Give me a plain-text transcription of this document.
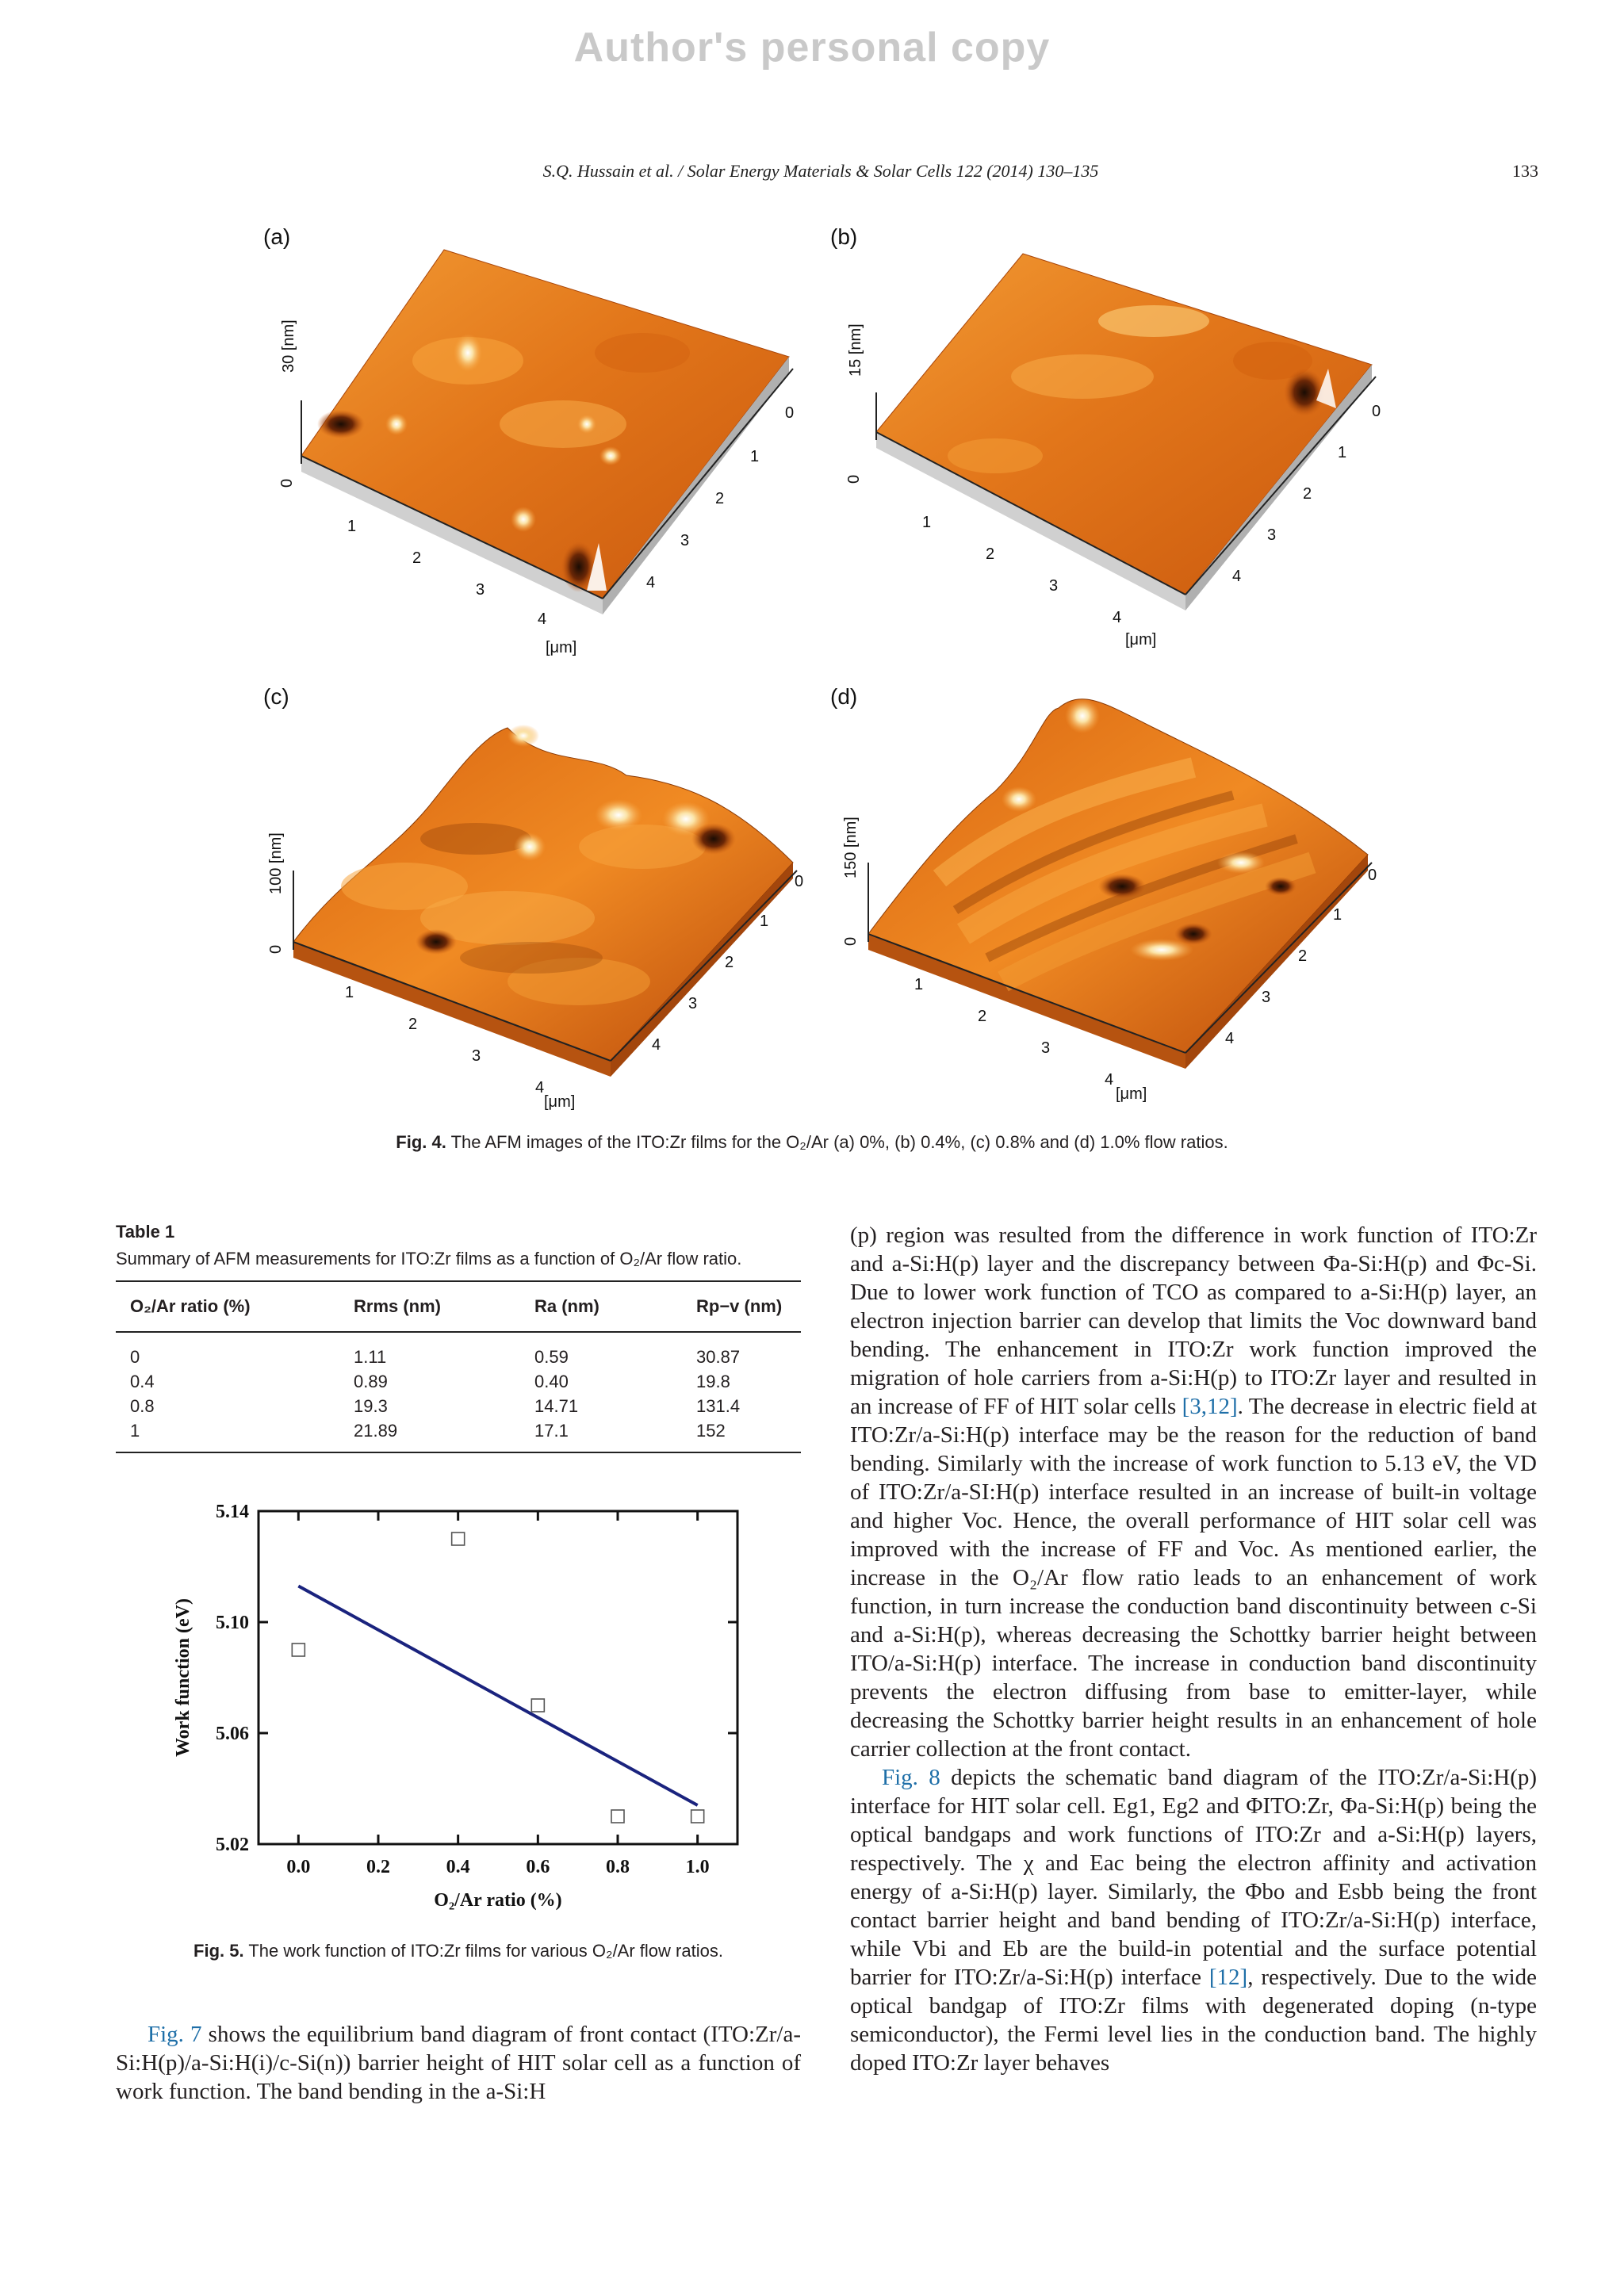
Author's personal copy
S.Q. Hussain et al. / Solar Energy Materials & Solar Cells 122 (2014) 130–135	133
(a)
30 [nm]
0
1
2
3
4
0
1
2
3
4
[μm]
(b)
15 [nm]
0
1
2
3
4
0
1
2
3
4
[μm]
(c)
100 [nm]
0
1
2
3
4
0
1
2
3
4
[μm]
(d)
150 [nm]
0
1
2
3
4
0
1
2
3
4
[μm]
Fig. 4. The AFM images of the ITO:Zr films for the O₂/Ar (a) 0%, (b) 0.4%, (c) 0.8% and (d) 1.0% flow ratios.
Table 1
Summary of AFM measurements for ITO:Zr films as a function of O₂/Ar flow ratio.
O₂/Ar ratio (%)	Rrms (nm)	Ra (nm)	Rp−v (nm)
0	1.11	0.59	30.87
0.4	0.89	0.40	19.8
0.8	19.3	14.71	131.4
1	21.89	17.1	152
0.0	0.2	0.4	0.6	0.8	1.0
5.02
5.06
5.10
5.14
O₂/Ar ratio (%)
Work function (eV)
Fig. 5. The work function of ITO:Zr films for various O₂/Ar flow ratios.

Fig. 7 shows the equilibrium band diagram of front contact (ITO:Zr/a-Si:H(p)/a-Si:H(i)/c-Si(n)) barrier height of HIT solar cell as a function of work function. The band bending in the a-Si:H

(p) region was resulted from the difference in work function of ITO:Zr and a-Si:H(p) layer and the discrepancy between Φa-Si:H(p) and Φc-Si. Due to lower work function of TCO as compared to a-Si:H(p) layer, an electron injection barrier can develop that limits the Voc downward band bending. The enhancement in ITO:Zr work function improved the migration of hole carriers from a-Si:H(p) to ITO:Zr layer and resulted in an increase of FF of HIT solar cells [3,12]. The decrease in electric field at ITO:Zr/a-Si:H(p) interface may be the reason for the reduction of band bending. Similarly with the increase of work function to 5.13 eV, the VD of ITO:Zr/a-SI:H(p) interface resulted in an increase of built-in voltage and higher Voc. Hence, the overall performance of HIT solar cell was improved with the increase of FF and Voc. As mentioned earlier, the increase in the O₂/Ar flow ratio leads to an enhancement of work function, in turn increase the conduction band discontinuity between c-Si and a-Si:H(p), whereas decreasing the Schottky barrier height between ITO/a-Si:H(p) interface. The increase in conduction band discontinuity prevents the electron diffusing from base to emitter-layer, while decreasing the Schottky barrier height results in an enhancement of hole carrier collection at the front contact.

Fig. 8 depicts the schematic band diagram of the ITO:Zr/a-Si:H(p) interface for HIT solar cell. Eg1, Eg2 and ΦITO:Zr, Φa-Si:H(p) being the optical bandgaps and work functions of ITO:Zr and a-Si:H(p) layers, respectively. The χ and Eac being the electron affinity and activation energy of a-Si:H(p) layer. Similarly, the Φbo and Esbb being the front contact barrier height and band bending of ITO:Zr/a-Si:H(p) interface, while Vbi and Eb are the build-in potential and the surface potential barrier for ITO:Zr/a-Si:H(p) interface [12], respectively. Due to the wide optical bandgap of ITO:Zr films with degenerated doping (n-type semiconductor), the Fermi level lies in the conduction band. The highly doped ITO:Zr layer behaves
